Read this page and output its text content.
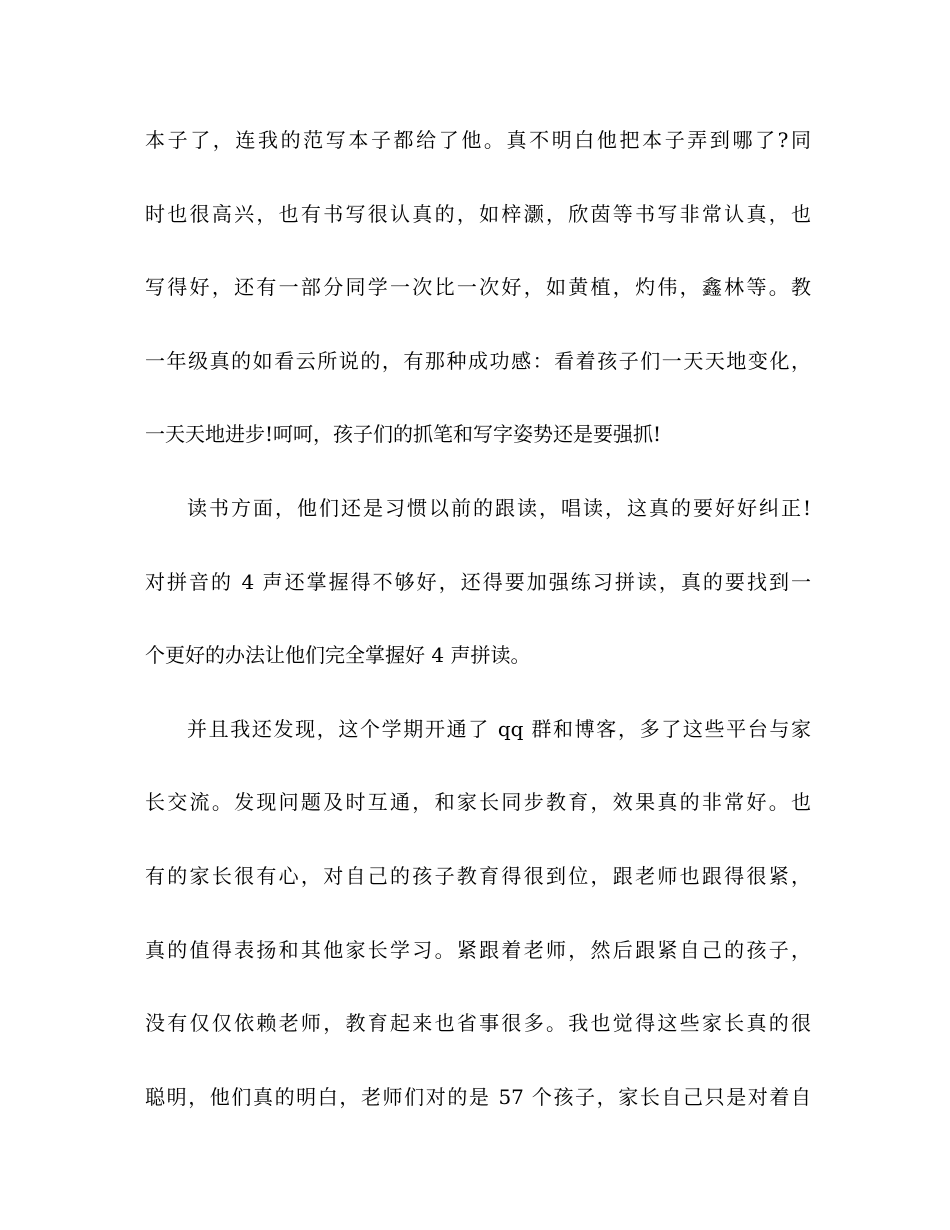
本子了，连我的范写本子都给了他。真不明白他把本子弄到哪了?同
时也很高兴，也有书写很认真的，如梓灏，欣茵等书写非常认真，也
写得好，还有一部分同学一次比一次好，如黄植，灼伟，鑫林等。教
一年级真的如看云所说的，有那种成功感：看着孩子们一天天地变化，
一天天地进步!呵呵，孩子们的抓笔和写字姿势还是要强抓!
读书方面，他们还是习惯以前的跟读，唱读，这真的要好好纠正!
对拼音的 4 声还掌握得不够好，还得要加强练习拼读，真的要找到一
个更好的办法让他们完全掌握好 4 声拼读。
并且我还发现，这个学期开通了 qq 群和博客，多了这些平台与家
长交流。发现问题及时互通，和家长同步教育，效果真的非常好。也
有的家长很有心，对自己的孩子教育得很到位，跟老师也跟得很紧，
真的值得表扬和其他家长学习。紧跟着老师，然后跟紧自己的孩子，
没有仅仅依赖老师，教育起来也省事很多。我也觉得这些家长真的很
聪明，他们真的明白，老师们对的是 57 个孩子，家长自己只是对着自
